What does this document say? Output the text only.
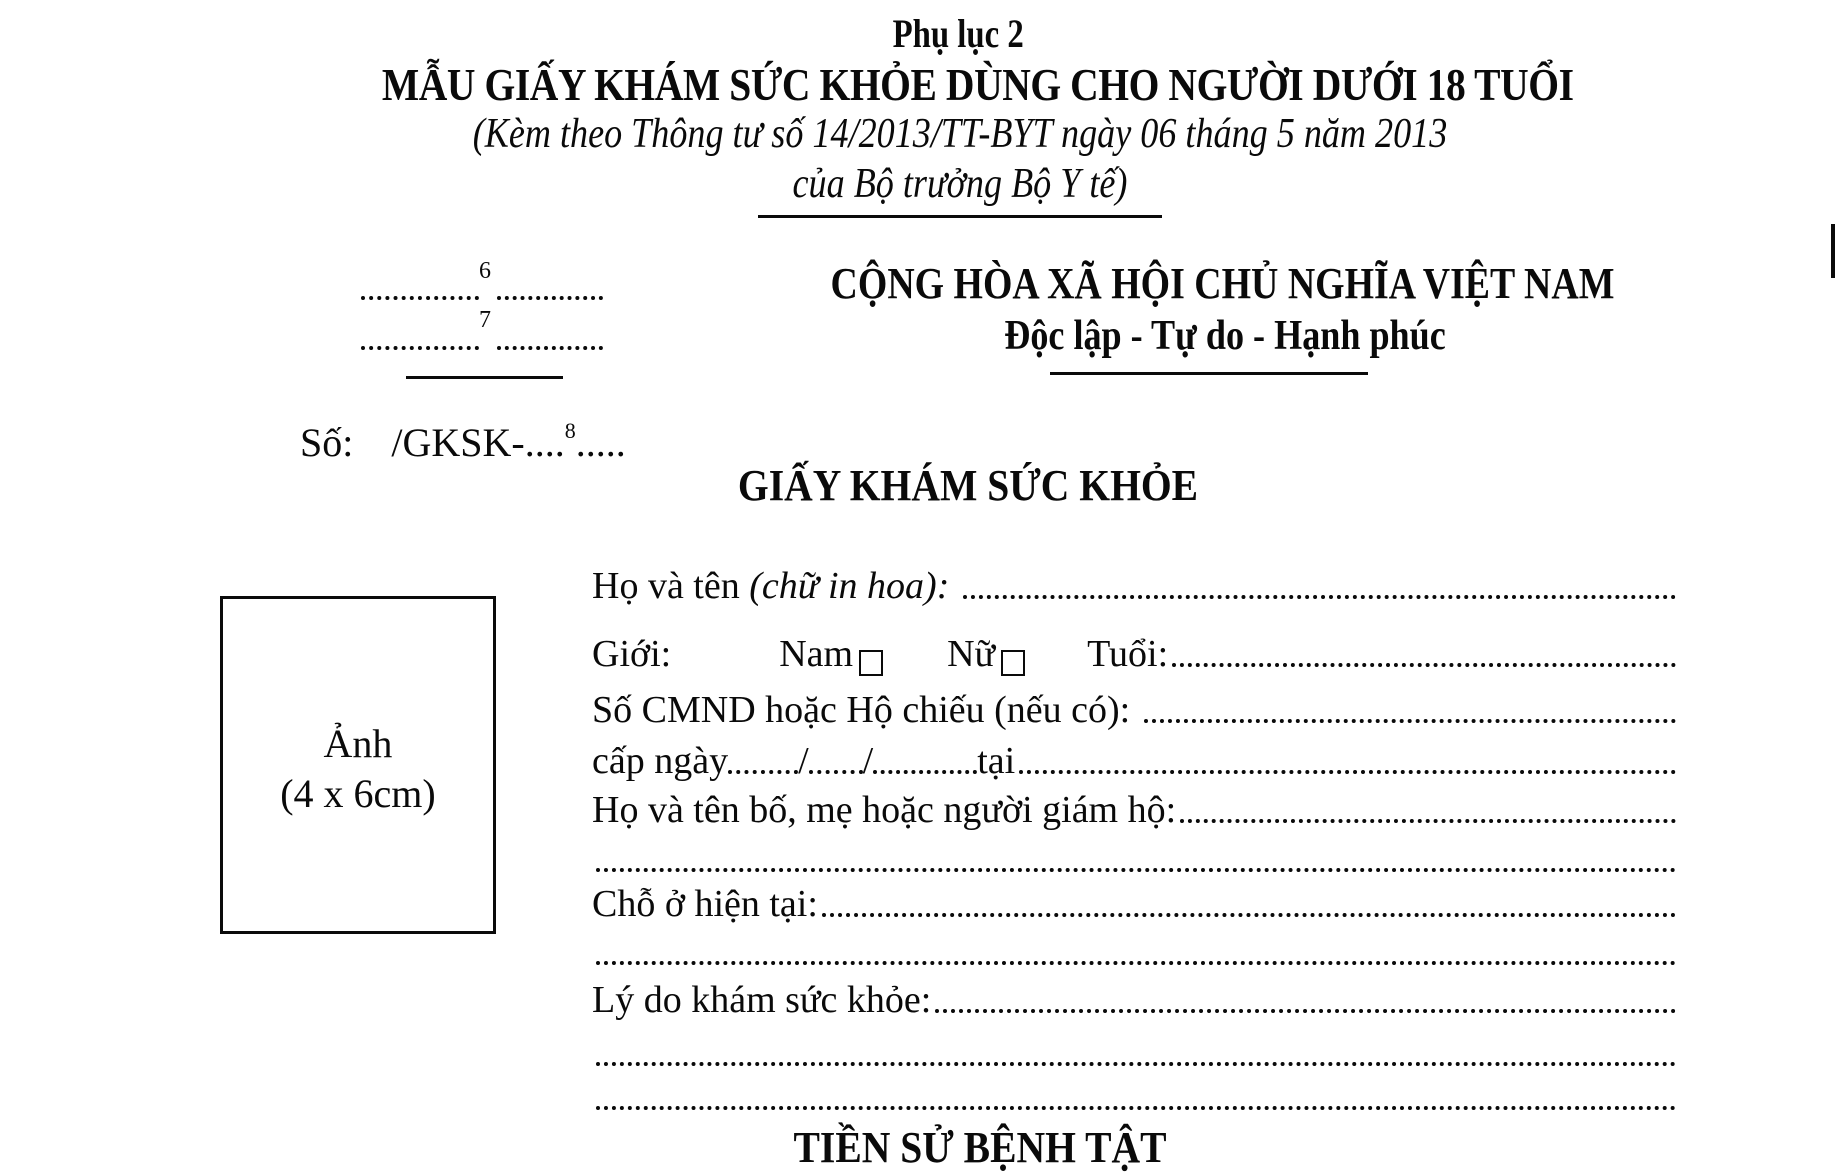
Phụ lục 2
MẪU GIẤY KHÁM SỨC KHỎE DÙNG CHO NGƯỜI DƯỚI 18 TUỔI
(Kèm theo Thông tư số 14/2013/TT-BYT ngày 06 tháng 5 năm 2013
của Bộ trưởng Bộ Y tế)
6
7
Số: /GKSK-....$^8$.....
CỘNG HÒA XÃ HỘI CHỦ NGHĨA VIỆT NAM
Độc lập - Tự do - Hạnh phúc
GIẤY KHÁM SỨC KHỎE
Ảnh
(4 x 6cm)
Họ và tên (chữ in hoa):
Giới:	Nam Nữ Tuổi:
Số CMND hoặc Hộ chiếu (nếu có):
cấp ngày / /	tại
Họ và tên bố, mẹ hoặc người giám hộ:
Chỗ ở hiện tại:
Lý do khám sức khỏe:
TIỀN SỬ BỆNH TẬT
